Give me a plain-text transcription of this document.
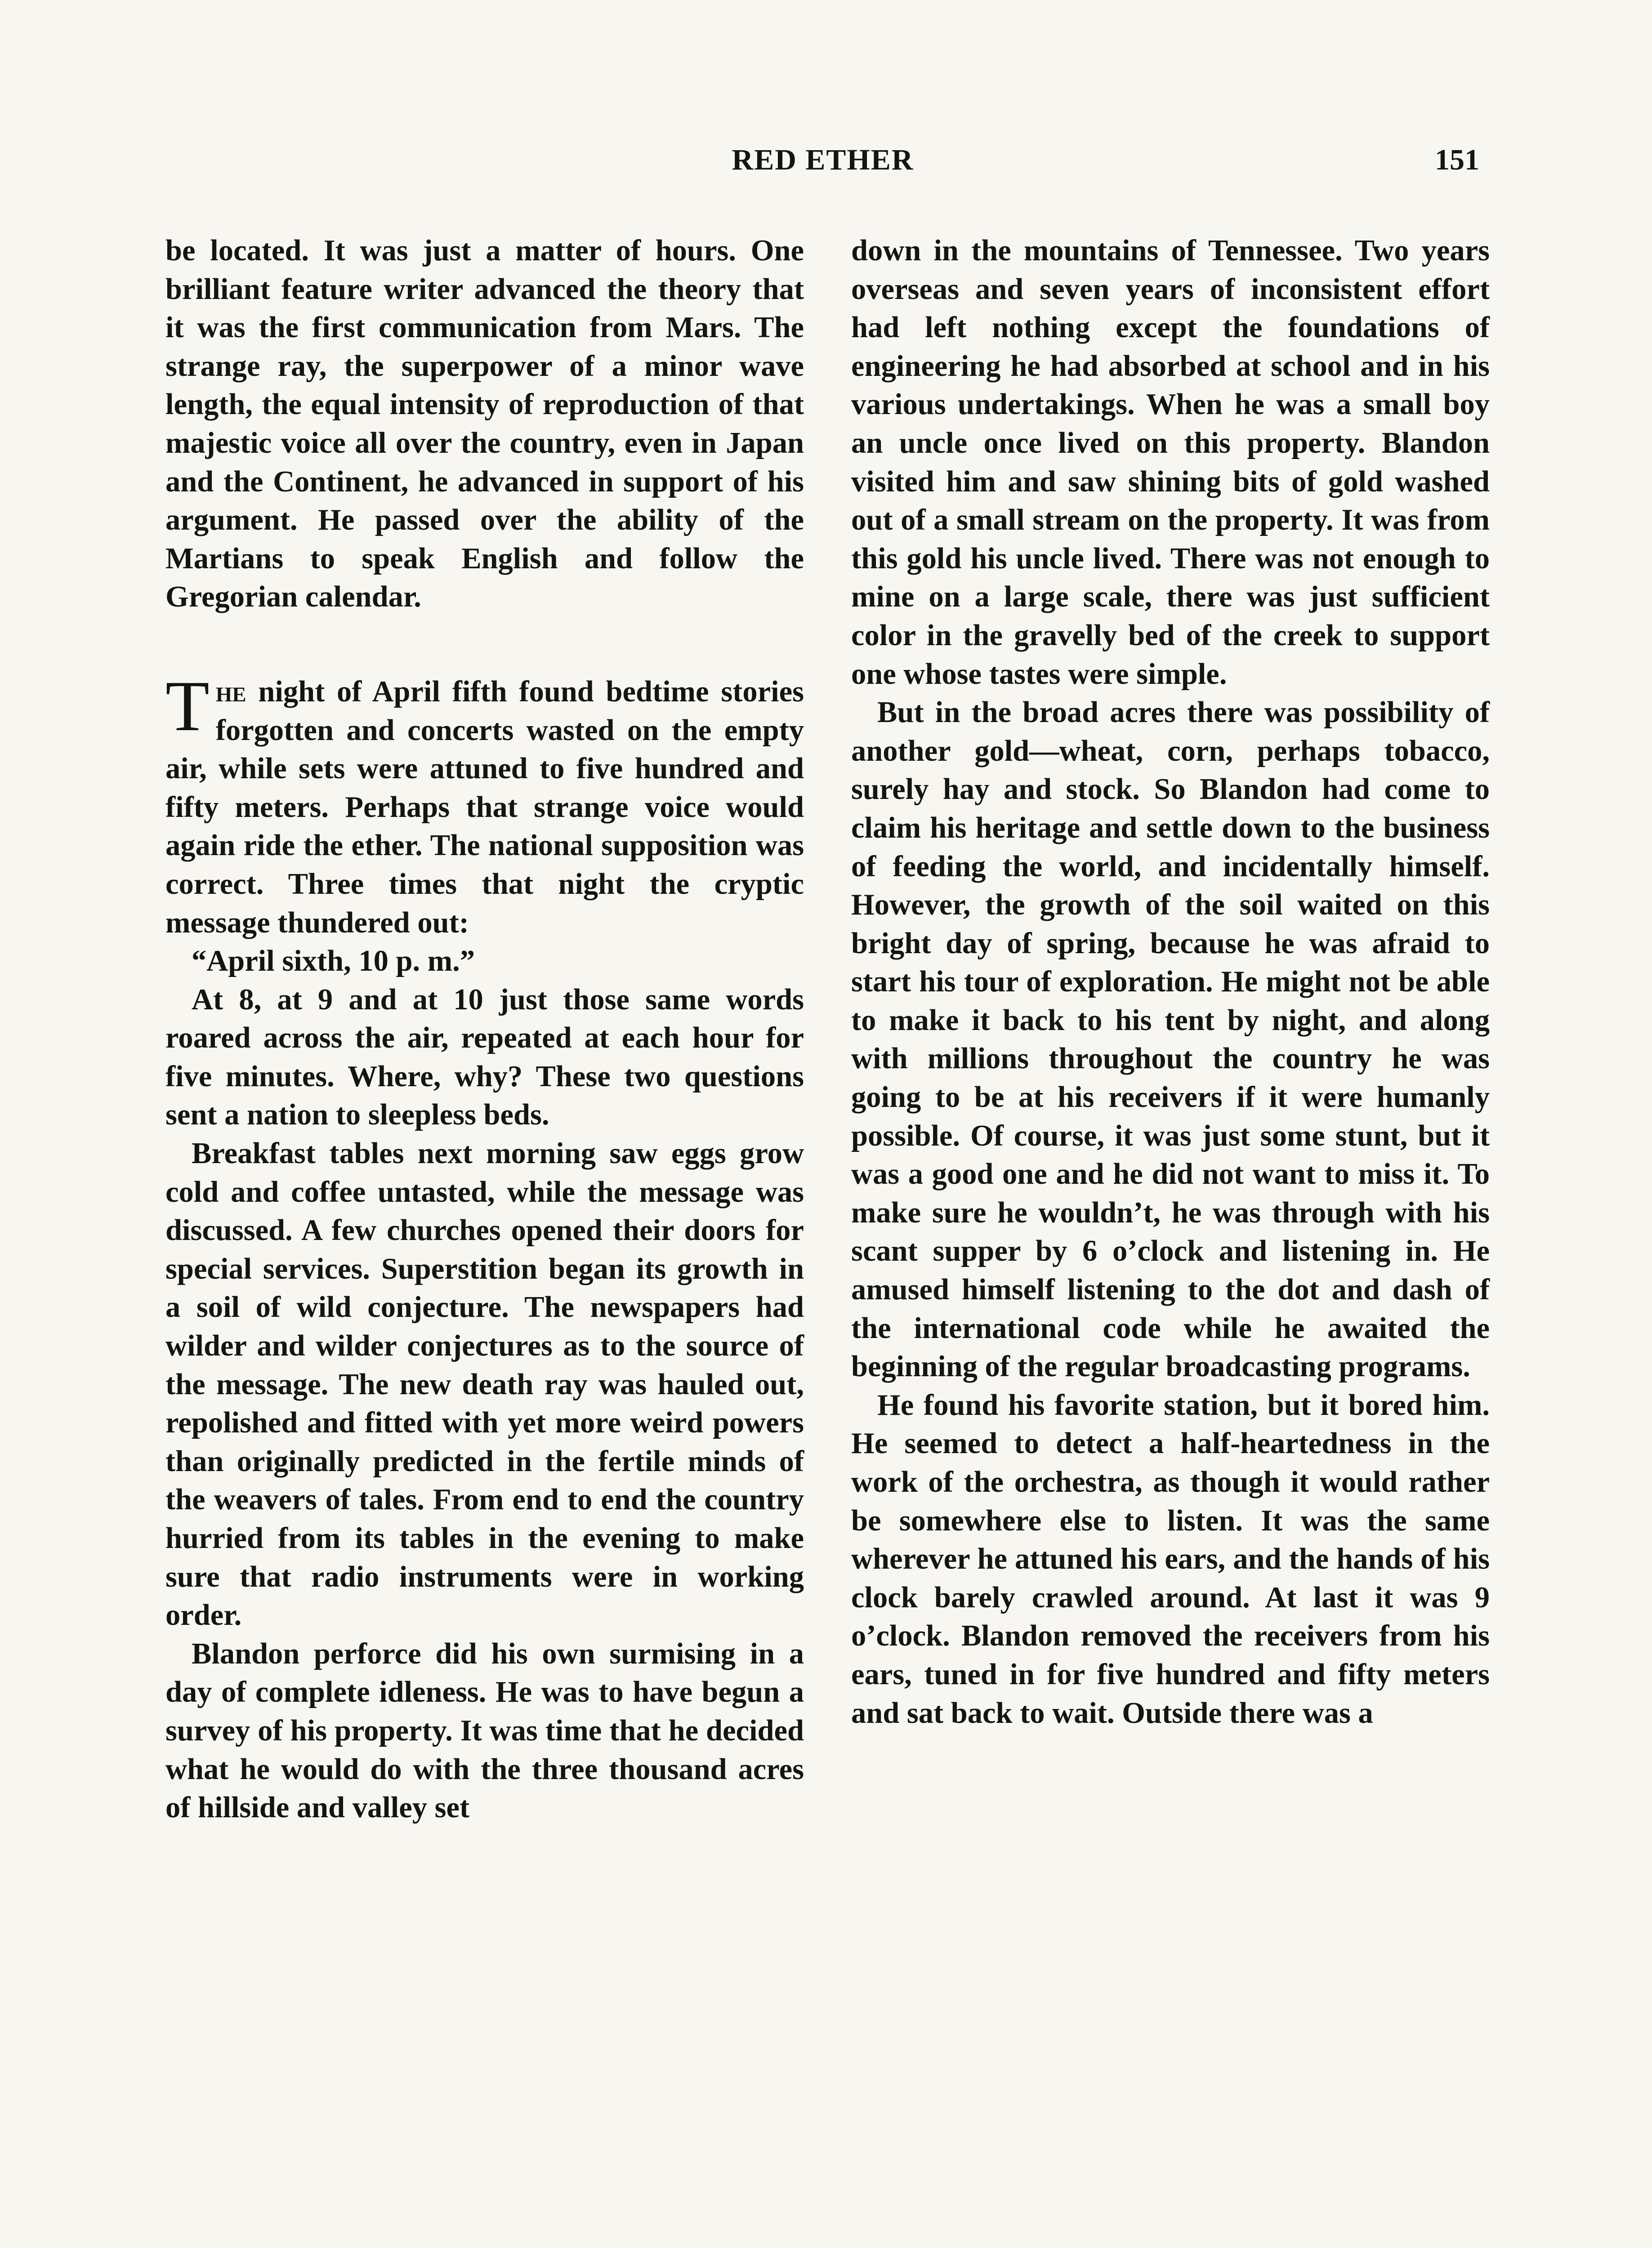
RED ETHER	151

be located. It was just a matter of hours. One brilliant feature writer advanced the theory that it was the first communication from Mars. The strange ray, the superpower of a minor wave length, the equal intensity of reproduction of that majestic voice all over the country, even in Japan and the Continent, he advanced in support of his argument. He passed over the ability of the Martians to speak English and follow the Gregorian calendar.

The night of April fifth found bedtime stories forgotten and concerts wasted on the empty air, while sets were attuned to five hundred and fifty meters. Perhaps that strange voice would again ride the ether. The national supposition was correct. Three times that night the cryptic message thundered out:

“April sixth, 10 p. m.”

At 8, at 9 and at 10 just those same words roared across the air, repeated at each hour for five minutes. Where, why? These two questions sent a nation to sleepless beds.

Breakfast tables next morning saw eggs grow cold and coffee untasted, while the message was discussed. A few churches opened their doors for special services. Superstition began its growth in a soil of wild conjecture. The newspapers had wilder and wilder conjectures as to the source of the message. The new death ray was hauled out, repolished and fitted with yet more weird powers than originally predicted in the fertile minds of the weavers of tales. From end to end the country hurried from its tables in the evening to make sure that radio instruments were in working order.

Blandon perforce did his own surmising in a day of complete idleness. He was to have begun a survey of his property. It was time that he decided what he would do with the three thousand acres of hillside and valley set

down in the mountains of Tennessee. Two years overseas and seven years of inconsistent effort had left nothing except the foundations of engineering he had absorbed at school and in his various undertakings. When he was a small boy an uncle once lived on this property. Blandon visited him and saw shining bits of gold washed out of a small stream on the property. It was from this gold his uncle lived. There was not enough to mine on a large scale, there was just sufficient color in the gravelly bed of the creek to support one whose tastes were simple.

But in the broad acres there was possibility of another gold—wheat, corn, perhaps tobacco, surely hay and stock. So Blandon had come to claim his heritage and settle down to the business of feeding the world, and incidentally himself. However, the growth of the soil waited on this bright day of spring, because he was afraid to start his tour of exploration. He might not be able to make it back to his tent by night, and along with millions throughout the country he was going to be at his receivers if it were humanly possible. Of course, it was just some stunt, but it was a good one and he did not want to miss it. To make sure he wouldn’t, he was through with his scant supper by 6 o’clock and listening in. He amused himself listening to the dot and dash of the international code while he awaited the beginning of the regular broadcasting programs.

He found his favorite station, but it bored him. He seemed to detect a half-heartedness in the work of the orchestra, as though it would rather be somewhere else to listen. It was the same wherever he attuned his ears, and the hands of his clock barely crawled around. At last it was 9 o’clock. Blandon removed the receivers from his ears, tuned in for five hundred and fifty meters and sat back to wait. Outside there was a
